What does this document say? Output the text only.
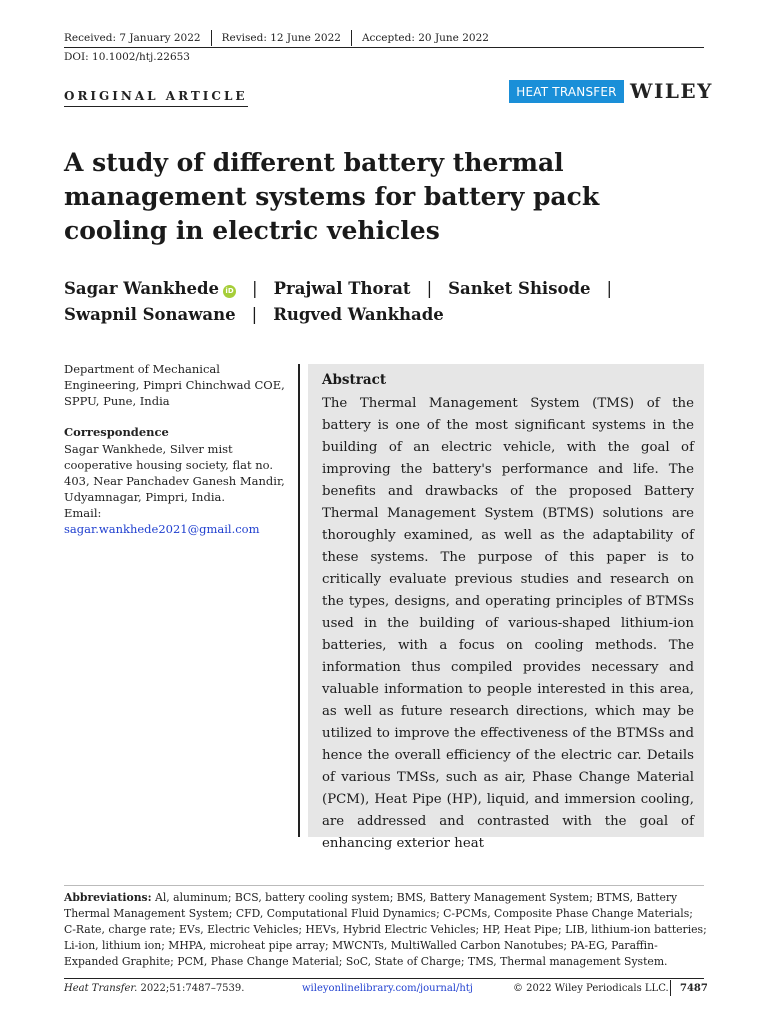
Received: 7 January 2022 Revised: 12 June 2022 Accepted: 20 June 2022
DOI: 10.1002/htj.22653
ORIGINAL ARTICLE	HEAT TRANSFER WILEY
A study of different battery thermal management systems for battery pack cooling in electric vehicles
Sagar Wankhede iD | Prajwal Thorat | Sanket Shisode |
Swapnil Sonawane | Rugved Wankhade
Department of Mechanical Engineering, Pimpri Chinchwad COE, SPPU, Pune, India
Correspondence
Sagar Wankhede, Silver mist cooperative housing society, flat no. 403, Near Panchadev Ganesh Mandir, Udyamnagar, Pimpri, India.
Email: sagar.wankhede2021@gmail.com
Abstract
The Thermal Management System (TMS) of the battery is one of the most significant systems in the building of an electric vehicle, with the goal of improving the battery's performance and life. The benefits and drawbacks of the proposed Battery Thermal Management System (BTMS) solutions are thoroughly examined, as well as the adaptability of these systems. The purpose of this paper is to critically evaluate previous studies and research on the types, designs, and operating principles of BTMSs used in the building of various-shaped lithium-ion batteries, with a focus on cooling methods. The information thus compiled provides necessary and valuable information to people interested in this area, as well as future research directions, which may be utilized to improve the effectiveness of the BTMSs and hence the overall efficiency of the electric car. Details of various TMSs, such as air, Phase Change Material (PCM), Heat Pipe (HP), liquid, and immersion cooling, are addressed and contrasted with the goal of enhancing exterior heat
Abbreviations: Al, aluminum; BCS, battery cooling system; BMS, Battery Management System; BTMS, Battery Thermal Management System; CFD, Computational Fluid Dynamics; C-PCMs, Composite Phase Change Materials; C-Rate, charge rate; EVs, Electric Vehicles; HEVs, Hybrid Electric Vehicles; HP, Heat Pipe; LIB, lithium-ion batteries; Li-ion, lithium ion; MHPA, microheat pipe array; MWCNTs, MultiWalled Carbon Nanotubes; PA-EG, Paraffin-Expanded Graphite; PCM, Phase Change Material; SoC, State of Charge; TMS, Thermal management System.
Heat Transfer. 2022;51:7487–7539.	wileyonlinelibrary.com/journal/htj	© 2022 Wiley Periodicals LLC. 7487
